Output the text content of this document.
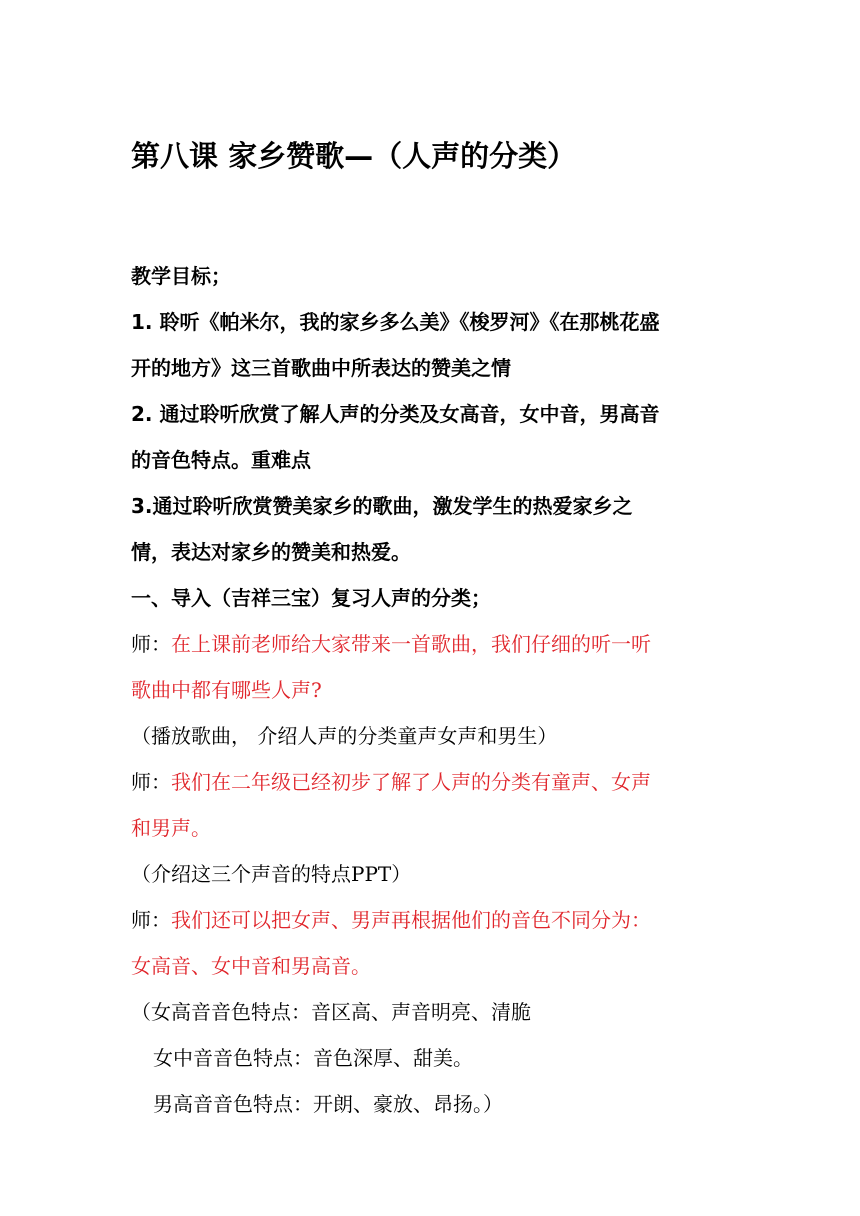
第八课 家乡赞歌—（人声的分类）
教学目标；
1. 聆听《帕米尔，我的家乡多么美》《梭罗河》《在那桃花盛
开的地方》这三首歌曲中所表达的赞美之情
2. 通过聆听欣赏了解人声的分类及女高音，女中音，男高音
的音色特点。重难点
3.通过聆听欣赏赞美家乡的歌曲，激发学生的热爱家乡之
情，表达对家乡的赞美和热爱。
一、导入（吉祥三宝）复习人声的分类；
师：在上课前老师给大家带来一首歌曲，我们仔细的听一听
歌曲中都有哪些人声?
（播放歌曲， 介绍人声的分类童声女声和男生）
师：我们在二年级已经初步了解了人声的分类有童声、女声
和男声。
（介绍这三个声音的特点PPT）
师：我们还可以把女声、男声再根据他们的音色不同分为：
女高音、女中音和男高音。
（女高音音色特点：音区高、声音明亮、清脆
女中音音色特点：音色深厚、甜美。
男高音音色特点：开朗、豪放、昂扬。）
